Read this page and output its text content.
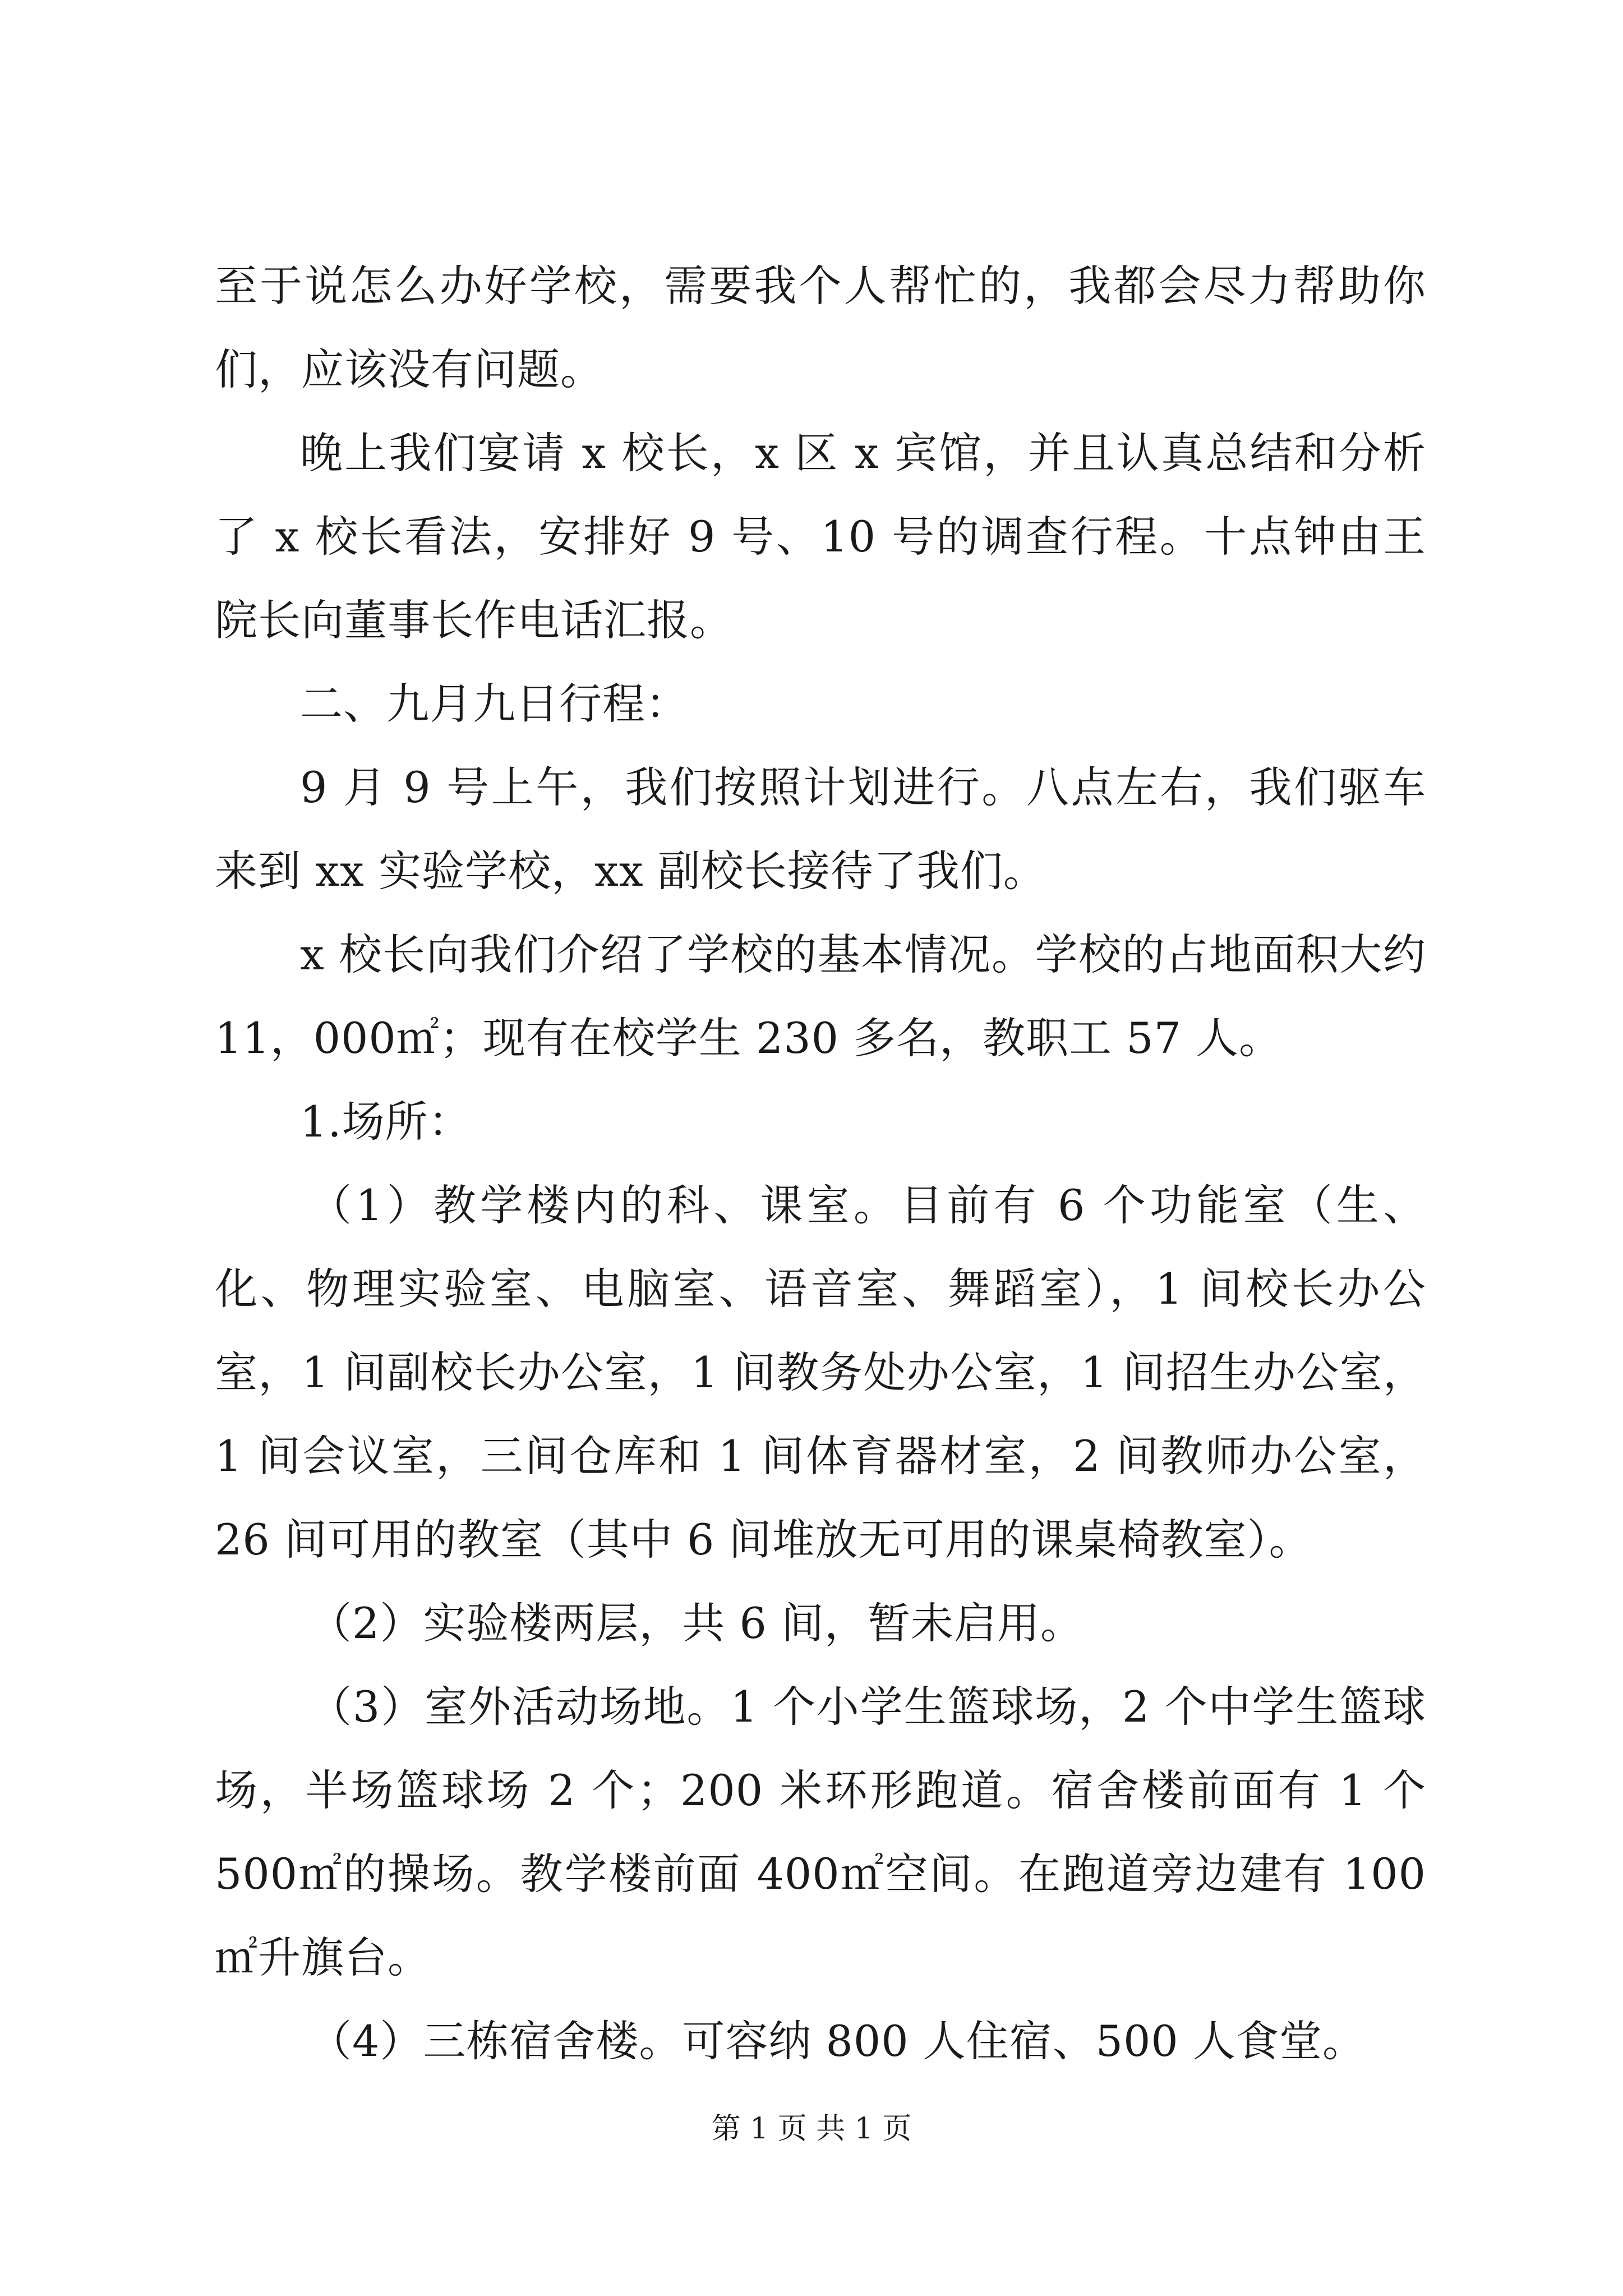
至于说怎么办好学校，需要我个人帮忙的，我都会尽力帮助你们，应该没有问题。

晚上我们宴请 x 校长，x 区 x 宾馆，并且认真总结和分析了 x 校长看法，安排好 9 号、10 号的调查行程。十点钟由王院长向董事长作电话汇报。

二、九月九日行程：

9 月 9 号上午，我们按照计划进行。八点左右，我们驱车来到 xx 实验学校，xx 副校长接待了我们。

x 校长向我们介绍了学校的基本情况。学校的占地面积大约 11，000㎡；现有在校学生 230 多名，教职工 57 人。

1.场所：

（1）教学楼内的科、课室。目前有 6 个功能室（生、化、物理实验室、电脑室、语音室、舞蹈室），1 间校长办公室，1 间副校长办公室，1 间教务处办公室，1 间招生办公室，1 间会议室，三间仓库和 1 间体育器材室，2 间教师办公室，26 间可用的教室（其中 6 间堆放无可用的课桌椅教室）。

（2）实验楼两层，共 6 间，暂未启用。

（3）室外活动场地。1 个小学生篮球场，2 个中学生篮球场，半场篮球场 2 个；200 米环形跑道。宿舍楼前面有 1 个 500㎡的操场。教学楼前面 400㎡空间。在跑道旁边建有 100㎡升旗台。

（4）三栋宿舍楼。可容纳 800 人住宿、500 人食堂。

第 1 页 共 1 页
